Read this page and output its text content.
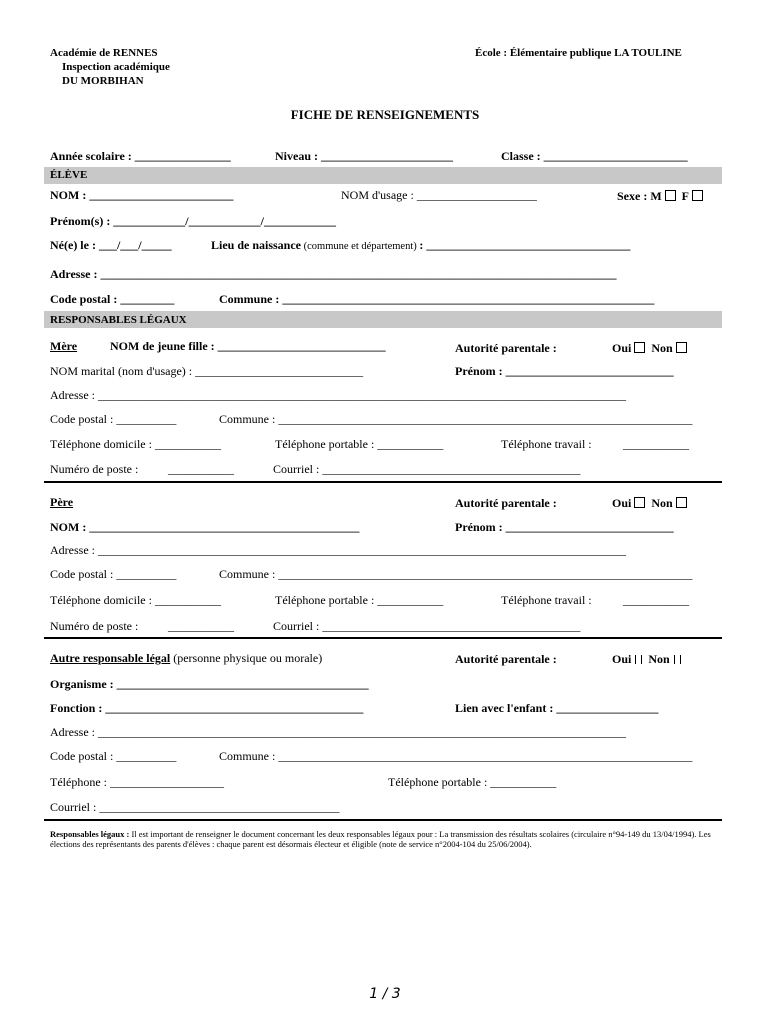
Académie de RENNES
Inspection académique
DU MORBIHAN
École : Élémentaire publique LA TOULINE
FICHE DE RENSEIGNEMENTS
Année scolaire : ________________	Niveau : ______________________	Classe : ________________________
ÉLÈVE
NOM : ________________________	NOM d'usage : ____________________	Sexe : M F
Prénom(s) : ____________/____________/____________
Né(e) le : ___/___/_____	Lieu de naissance (commune et département) : __________________________________
Adresse : ______________________________________________________________________________________
Code postal : _________	Commune : ______________________________________________________________
RESPONSABLES LÉGAUX
Mère	NOM de jeune fille : ____________________________	Autorité parentale :	Oui Non
NOM marital (nom d'usage) : ____________________________	Prénom : ____________________________
Adresse : ________________________________________________________________________________________
Code postal : __________	Commune : _____________________________________________________________________
Téléphone domicile : ___________	Téléphone portable : ___________	Téléphone travail :	___________
Numéro de poste : ___________	Courriel : ___________________________________________
Père	Autorité parentale :	Oui Non
NOM : _____________________________________________	Prénom : ____________________________
Adresse : ________________________________________________________________________________________
Code postal : __________	Commune : _____________________________________________________________________
Téléphone domicile : ___________	Téléphone portable : ___________	Téléphone travail :	___________
Numéro de poste : ___________	Courriel : ___________________________________________
Autre responsable légal (personne physique ou morale)	Autorité parentale :	Oui Non
Organisme : __________________________________________
Fonction : ___________________________________________	Lien avec l'enfant : _________________
Adresse : ________________________________________________________________________________________
Code postal : __________	Commune : _____________________________________________________________________
Téléphone : ___________________	Téléphone portable : ___________
Courriel : ________________________________________
Responsables légaux : Il est important de renseigner le document concernant les deux responsables légaux pour : La transmission des résultats scolaires (circulaire n°94-149 du 13/04/1994). Les élections des représentants des parents d'élèves : chaque parent est désormais électeur et éligible (note de service n°2004-104 du 25/06/2004).
1 / 3
